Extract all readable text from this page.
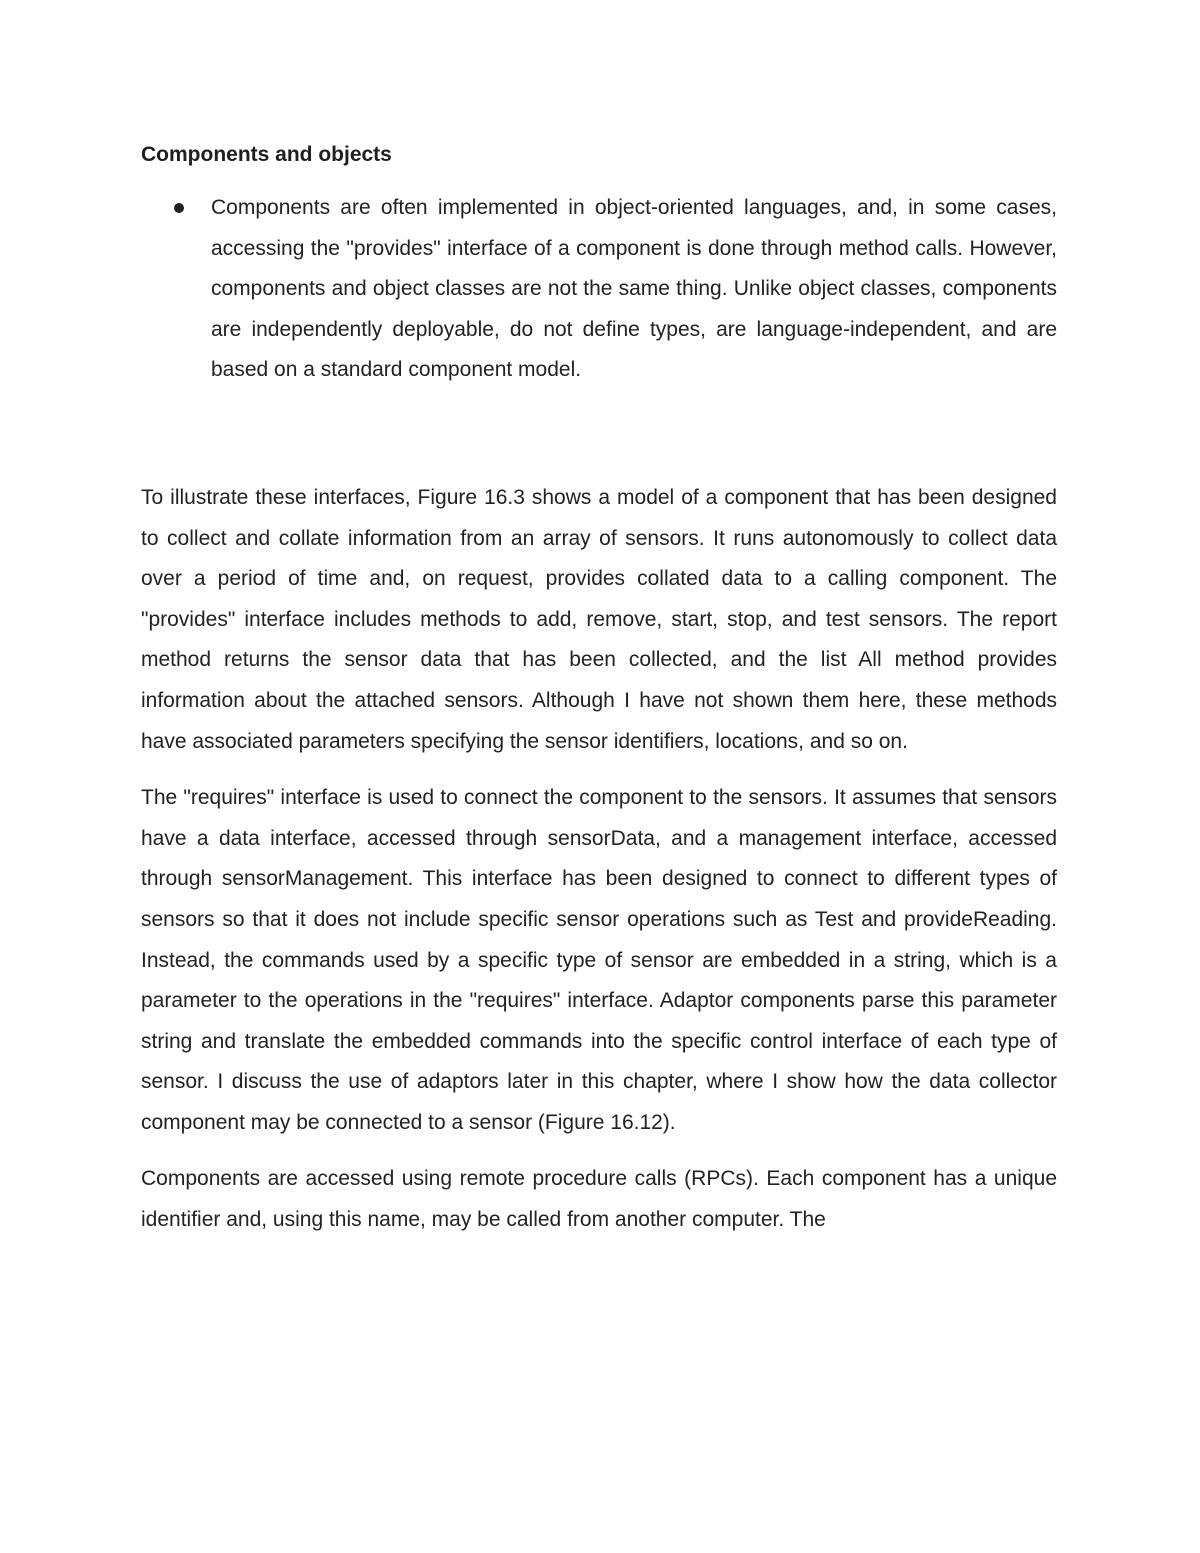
Components and objects
Components are often implemented in object-oriented languages, and, in some cases, accessing the "provides" interface of a component is done through method calls. However, components and object classes are not the same thing. Unlike object classes, components are independently deployable, do not define types, are language-independent, and are based on a standard component model.

To illustrate these interfaces, Figure 16.3 shows a model of a component that has been designed to collect and collate information from an array of sensors. It runs autonomously to collect data over a period of time and, on request, provides collated data to a calling component. The "provides" interface includes methods to add, remove, start, stop, and test sensors. The report method returns the sensor data that has been collected, and the list All method provides information about the attached sensors. Although I have not shown them here, these methods have associated parameters specifying the sensor identifiers, locations, and so on.

The "requires" interface is used to connect the component to the sensors. It assumes that sensors have a data interface, accessed through sensorData, and a management interface, accessed through sensorManagement. This interface has been designed to connect to different types of sensors so that it does not include specific sensor operations such as Test and provideReading. Instead, the commands used by a specific type of sensor are embedded in a string, which is a parameter to the operations in the "requires" interface. Adaptor components parse this parameter string and translate the embedded commands into the specific control interface of each type of sensor. I discuss the use of adaptors later in this chapter, where I show how the data collector component may be connected to a sensor (Figure 16.12).

Components are accessed using remote procedure calls (RPCs). Each component has a unique identifier and, using this name, may be called from another computer. The
